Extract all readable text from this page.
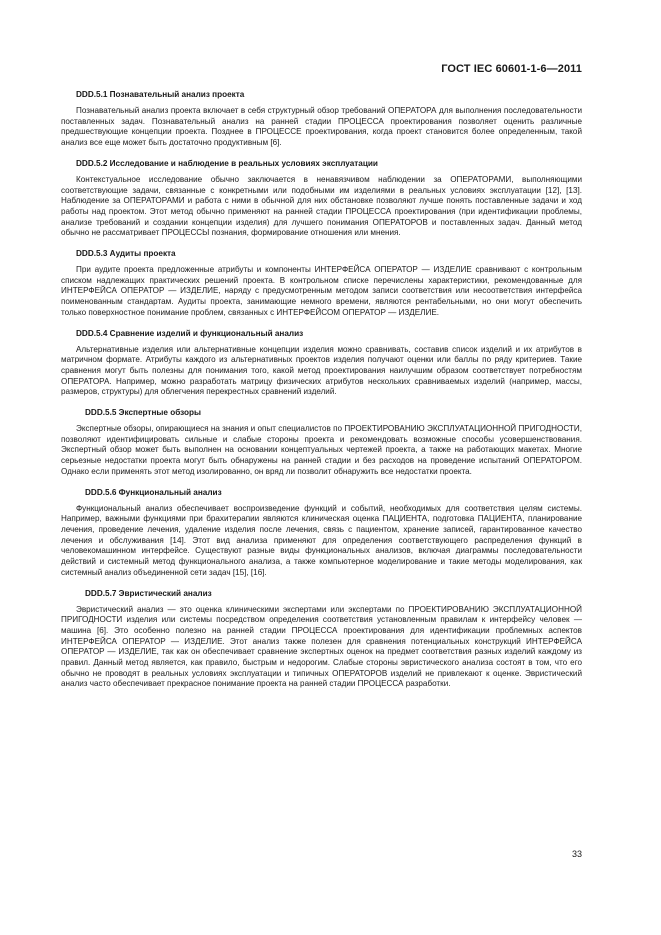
ГОСТ IEC 60601-1-6—2011
DDD.5.1 Познавательный анализ проекта

Познавательный анализ проекта включает в себя структурный обзор требований ОПЕРАТОРА для выполнения последовательности поставленных задач. Познавательный анализ на ранней стадии ПРОЦЕССА проектирования позволяет оценить различные предшествующие концепции проекта. Позднее в ПРОЦЕССЕ проектирования, когда проект становится более определенным, такой анализ все еще может быть достаточно продуктивным [6].

DDD.5.2 Исследование и наблюдение в реальных условиях эксплуатации

Контекстуальное исследование обычно заключается в ненавязчивом наблюдении за ОПЕРАТОРАМИ, выполняющими соответствующие задачи, связанные с конкретными или подобными им изделиями в реальных условиях эксплуатации [12], [13]. Наблюдение за ОПЕРАТОРАМИ и работа с ними в обычной для них обстановке позволяют лучше понять поставленные задачи и ход работы над проектом. Этот метод обычно применяют на ранней стадии ПРОЦЕССА проектирования (при идентификации проблемы, анализе требований и создании концепции изделия) для лучшего понимания ОПЕРАТОРОВ и поставленных задач. Данный метод обычно не рассматривает ПРОЦЕССЫ познания, формирование отношения или мнения.

DDD.5.3 Аудиты проекта

При аудите проекта предложенные атрибуты и компоненты ИНТЕРФЕЙСА ОПЕРАТОР — ИЗДЕЛИЕ сравнивают с контрольным списком надлежащих практических решений проекта. В контрольном списке перечислены характеристики, рекомендованные для ИНТЕРФЕЙСА ОПЕРАТОР — ИЗДЕЛИЕ, наряду с предусмотренным методом записи соответствия или несоответствия интерфейса поименованным стандартам. Аудиты проекта, занимающие немного времени, являются рентабельными, но они могут обеспечить только поверхностное понимание проблем, связанных с ИНТЕРФЕЙСОМ ОПЕРАТОР — ИЗДЕЛИЕ.

DDD.5.4 Сравнение изделий и функциональный анализ

Альтернативные изделия или альтернативные концепции изделия можно сравнивать, составив список изделий и их атрибутов в матричном формате. Атрибуты каждого из альтернативных проектов изделия получают оценки или баллы по ряду критериев. Такие сравнения могут быть полезны для понимания того, какой метод проектирования наилучшим образом соответствует потребностям ОПЕРАТОРА. Например, можно разработать матрицу физических атрибутов нескольких сравниваемых изделий (например, массы, размеров, структуры) для облегчения перекрестных сравнений изделий.

DDD.5.5 Экспертные обзоры

Экспертные обзоры, опирающиеся на знания и опыт специалистов по ПРОЕКТИРОВАНИЮ ЭКСПЛУАТАЦИОННОЙ ПРИГОДНОСТИ, позволяют идентифицировать сильные и слабые стороны проекта и рекомендовать возможные способы усовершенствования. Экспертный обзор может быть выполнен на основании концептуальных чертежей проекта, а также на работающих макетах. Многие серьезные недостатки проекта могут быть обнаружены на ранней стадии и без расходов на проведение испытаний ОПЕРАТОРОМ. Однако если применять этот метод изолированно, он вряд ли позволит обнаружить все недостатки проекта.

DDD.5.6 Функциональный анализ

Функциональный анализ обеспечивает воспроизведение функций и событий, необходимых для соответствия целям системы. Например, важными функциями при брахитерапии являются клиническая оценка ПАЦИЕНТА, подготовка ПАЦИЕНТА, планирование лечения, проведение лечения, удаление изделия после лечения, связь с пациентом, хранение записей, гарантированное качество лечения и обслуживания [14]. Этот вид анализа применяют для определения соответствующего распределения функций в человекомашинном интерфейсе. Существуют разные виды функциональных анализов, включая диаграммы последовательности действий и системный метод функционального анализа, а также компьютерное моделирование и такие методы моделирования, как системный анализ объединенной сети задач [15], [16].

DDD.5.7 Эвристический анализ

Эвристический анализ — это оценка клиническими экспертами или экспертами по ПРОЕКТИРОВАНИЮ ЭКСПЛУАТАЦИОННОЙ ПРИГОДНОСТИ изделия или системы посредством определения соответствия установленным правилам к интерфейсу человек — машина [6]. Это особенно полезно на ранней стадии ПРОЦЕССА проектирования для идентификации проблемных аспектов ИНТЕРФЕЙСА ОПЕРАТОР — ИЗДЕЛИЕ. Этот анализ также полезен для сравнения потенциальных конструкций ИНТЕРФЕЙСА ОПЕРАТОР — ИЗДЕЛИЕ, так как он обеспечивает сравнение экспертных оценок на предмет соответствия разных изделий каждому из правил. Данный метод является, как правило, быстрым и недорогим. Слабые стороны эвристического анализа состоят в том, что его обычно не проводят в реальных условиях эксплуатации и типичных ОПЕРАТОРОВ изделий не привлекают к оценке. Эвристический анализ часто обеспечивает прекрасное понимание проекта на ранней стадии ПРОЦЕССА разработки.

33
